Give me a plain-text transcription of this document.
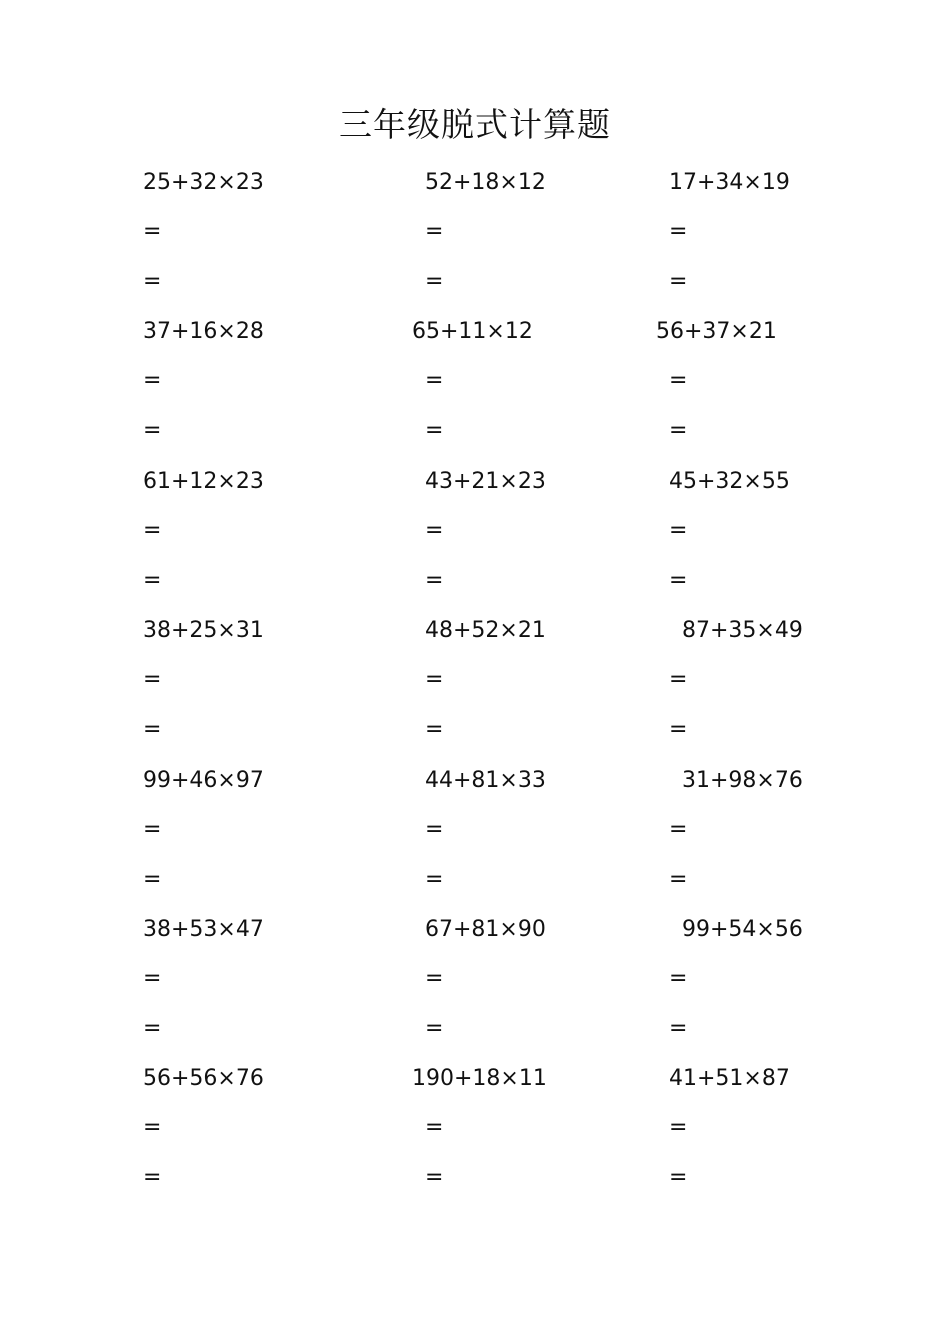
三年级脱式计算题
25+32×23
=
=
52+18×12
=
=
17+34×19
=
=
37+16×28
=
=
65+11×12
=
=
56+37×21
=
=
61+12×23
=
=
43+21×23
=
=
45+32×55
=
=
38+25×31
=
=
48+52×21
=
=
87+35×49
=
=
99+46×97
=
=
44+81×33
=
=
31+98×76
=
=
38+53×47
=
=
67+81×90
=
=
99+54×56
=
=
56+56×76
=
=
190+18×11
=
=
41+51×87
=
=
